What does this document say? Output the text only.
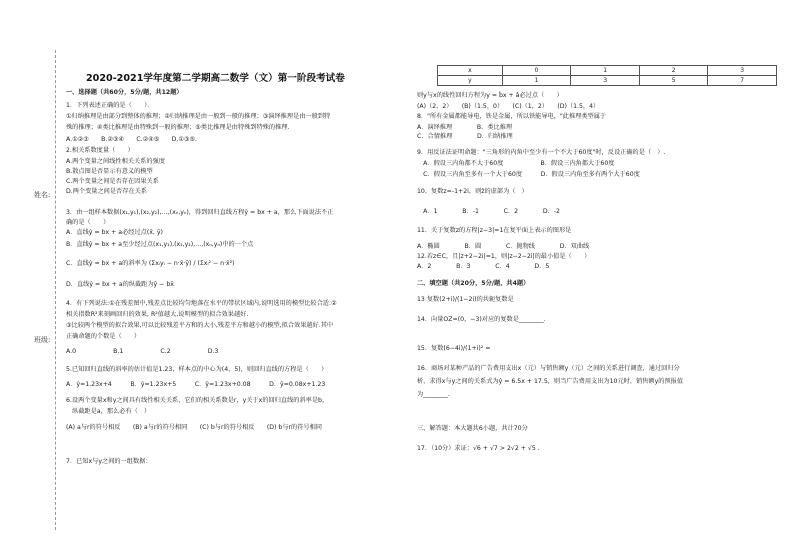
姓名:
班级:
2020-2021学年度第二学期高二数学（文）第一阶段考试卷
一、选择题（共60分，5分/题，共12题）
1．下列表述正确的是（　　）．
①归纳推理是由部分到整体的推理；②归纳推理是由一般到一般的推理；③演绎推理是由一般到特
殊的推理；④类比推理是由特殊到一般的推理；⑤类比推理是由特殊到特殊的推理.
A.①②③　　B.②③④　　C.②④⑤　　D.①③⑤.
2.相关系数度量（　　）
A.两个变量之间线性相关关系的强度
B.散点图是否显示有意义的模型
C.两个变量之间是否存在因果关系
D.两个变量之间是否存在关系
3．由一组样本数据(x₁,y₁),(x₂,y₂),…,(xₙ,yₙ)，得到回归直线方程ŷ = bx + a，那么下面说法不正
确的是（　　）
A．直线ŷ = bx + a必经过点(x̄, ȳ)
B．直线ŷ = bx + a至少经过点(x₁,y₁),(x₂,y₂),…,(xₙ,yₙ)中的一个点
C．直线ŷ = bx + a的斜率为 (Σxᵢyᵢ − n·x̄·ȳ) / (Σxᵢ² − n·x̄²)
D．直线ŷ = bx + a的纵截距为ȳ − bx̄
4．有下列说法:①在残差图中,残差点比较均匀地落在水平的带状区域内,说明选用的模型比较合适.②
相关指数R²来刻画回归的效果, R²值越大,说明模型的拟合效果越好.
③比较两个模型的拟合效果,可以比较残差平方和的大小,残差平方和越小的模型,拟合效果越好.其中
正确命题的个数是（　　）
A.0　　　　　　B.1　　　　　　C.2　　　　　　D.3
5.已知回归直线的斜率的估计值是1.23，样本点的中心为(4，5)，则回归直线的方程是（　　）
A．ŷ=1.23x+4　　　B．ŷ=1.23x+5　　　C．ŷ=1.23x+0.08　　　D．ŷ=0.08x+1.23
6.设两个变量x和y之间具有线性相关关系，它们的相关系数是r，y关于x的回归直线的斜率是b，
　纵截距是a，那么必有（　）
(A) a与r的符号相反　　(B) a与r的符号相同　　(C) b与r的符号相反　　(D) b与r的符号相同
7．已知x与y之间的一组数据：
x	0	1	2	3
y	1	3	5	7
则y与x的线性回归方程为y = b̂x + â必过点（　　）
(A)（2，2）　　(B)（1.5，0）　　(C)（1，2）　　(D)（1.5，4）
8．"所有金属都能导电，铁是金属，所以铁能导电，"此推理类型属于
A．演绎推理　　　　B．类比推理
C．合情推理　　　　D．归纳推理
9．用反证法证明命题："三角形的内角中至少有一个不大于60度"时，反设正确的是（　）.
　A．假设三内角都不大于60度　　　　　　B．假设三内角都大于60度
　C．假设三内角至多有一个大于60度　　　D．假设三内角至多有两个大于60度
10、复数z=-1+2i，则z̄的虚部为（　）
　A．1　　　　B．-1　　　　C．2　　　　D．-2
11．关于复数z的方程|z−3|=1在复平面上表示的图形是
A．椭圆　　　　B．圆　　　　C．抛物线　　　　D．双曲线
12.若z∈C，且|z+2−2i|=1，则|z−2−2i|的最小值是（　　）
A．2　　　　B．3　　　　C．4　　　　D．5
二、填空题（共20分，5分/题，共4题）
13 复数(2+i)/(1−2i)的共轭复数是
14．向量OZ=(0，−3)对应的复数是________.
15．复数(6−4i)/(1+i)² =
16．商场对某种产品的广告费用支出x（元）与销售额y（元）之间的关系进行调查，通过回归分
析，求得x与y之间的关系式为ŷ = 6.5x + 17.5，则当广告费用支出为10元时，销售额y的预报值
为________.
三、解答题：本大题共6小题，共计70分
17．（10分）求证：√6 + √7 > 2√2 + √5 .
